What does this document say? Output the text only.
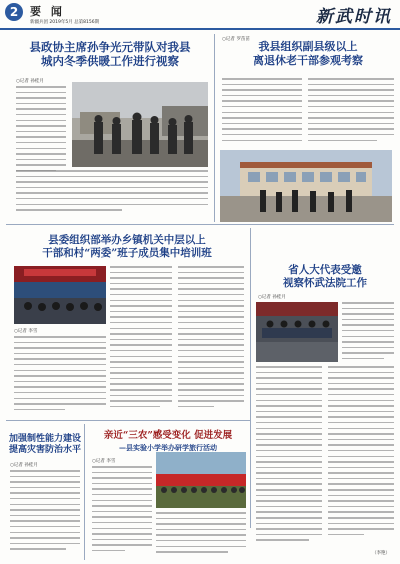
2	要 闻
新疆兵团 2019年5月 总第8156期	新武时讯
县政协主席孙争光元带队对我县
城内冬季供暖工作进行视察
○记者 孙桂月
我县组织副县级以上
离退休老干部参观考察
○记者 罗苗苗
县委组织部举办乡镇机关中层以上
干部和村“两委”班子成员集中培训班
○记者 李雪
省人大代表受邀
视察怀武法院工作
○记者 孙桂月
（李艳）
加强制性能力建设
提高灾害防治水平
○记者 孙桂月
亲近“三农”感受变化 促进发展
—县实验小学举办研学旅行活动
○记者 李雪
